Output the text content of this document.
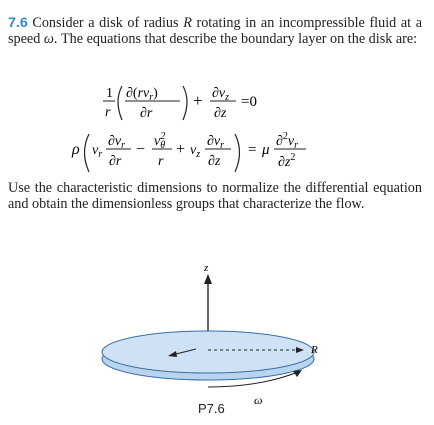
7.6 Consider a disk of radius R rotating in an incompressible fluid at a speed ω. The equations that describe the boundary layer on the disk are:
1
r
$\partial(rv_r)$
∂r
+ $\partial v_z$
∂z
=0
ρ $v_r$
$\partial v_r$
∂r
− $v^2$ θ
r
+ $v_z$
$\partial v_r$
∂z
= μ
$\partial^2v_r$
$\partial z^2$
Use the characteristic dimensions to normalize the differential equation and obtain the dimensionless groups that characterize the flow.
z
R
ω
P7.6
